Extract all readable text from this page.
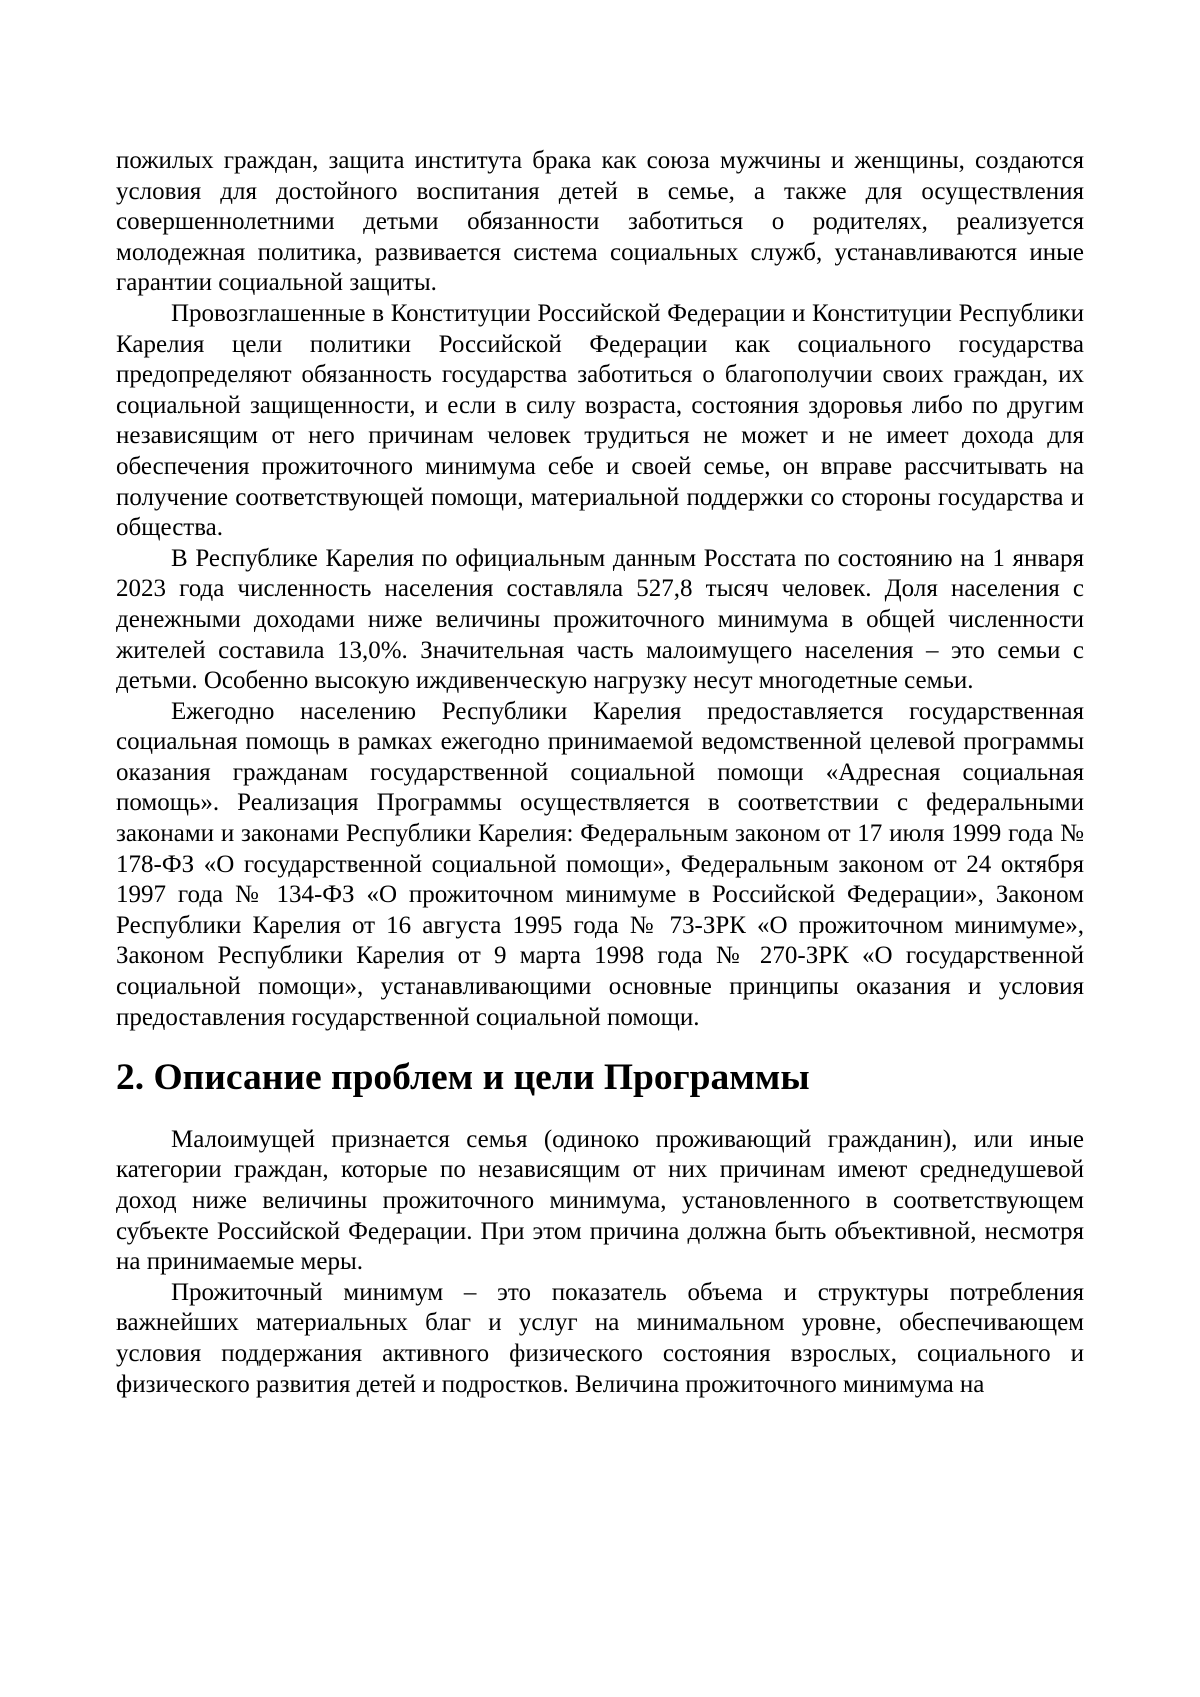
пожилых граждан, защита института брака как союза мужчины и женщины, создаются условия для достойного воспитания детей в семье, а также для осуществления совершеннолетними детьми обязанности заботиться о родителях, реализуется молодежная политика, развивается система социальных служб, устанавливаются иные гарантии социальной защиты.

Провозглашенные в Конституции Российской Федерации и Конституции Республики Карелия цели политики Российской Федерации как социального государства предопределяют обязанность государства заботиться о благополучии своих граждан, их социальной защищенности, и если в силу возраста, состояния здоровья либо по другим независящим от него причинам человек трудиться не может и не имеет дохода для обеспечения прожиточного минимума себе и своей семье, он вправе рассчитывать на получение соответствующей помощи, материальной поддержки со стороны государства и общества.

В Республике Карелия по официальным данным Росстата по состоянию на 1 января 2023 года численность населения составляла 527,8 тысяч человек. Доля населения с денежными доходами ниже величины прожиточного минимума в общей численности жителей составила 13,0%. Значительная часть малоимущего населения – это семьи с детьми. Особенно высокую иждивенческую нагрузку несут многодетные семьи.

Ежегодно населению Республики Карелия предоставляется государственная социальная помощь в рамках ежегодно принимаемой ведомственной целевой программы оказания гражданам государственной социальной помощи «Адресная социальная помощь». Реализация Программы осуществляется в соответствии с федеральными законами и законами Республики Карелия: Федеральным законом от 17 июля 1999 года № 178-ФЗ «О государственной социальной помощи», Федеральным законом от 24 октября 1997 года № 134-ФЗ «О прожиточном минимуме в Российской Федерации», Законом Республики Карелия от 16 августа 1995 года № 73-ЗРК «О прожиточном минимуме», Законом Республики Карелия от 9 марта 1998 года № 270-ЗРК «О государственной социальной помощи», устанавливающими основные принципы оказания и условия предоставления государственной социальной помощи.

2. Описание проблем и цели Программы

Малоимущей признается семья (одиноко проживающий гражданин), или иные категории граждан, которые по независящим от них причинам имеют среднедушевой доход ниже величины прожиточного минимума, установленного в соответствующем субъекте Российской Федерации. При этом причина должна быть объективной, несмотря на принимаемые меры.

Прожиточный минимум – это показатель объема и структуры потребления важнейших материальных благ и услуг на минимальном уровне, обеспечивающем условия поддержания активного физического состояния взрослых, социального и физического развития детей и подростков. Величина прожиточного минимума на
